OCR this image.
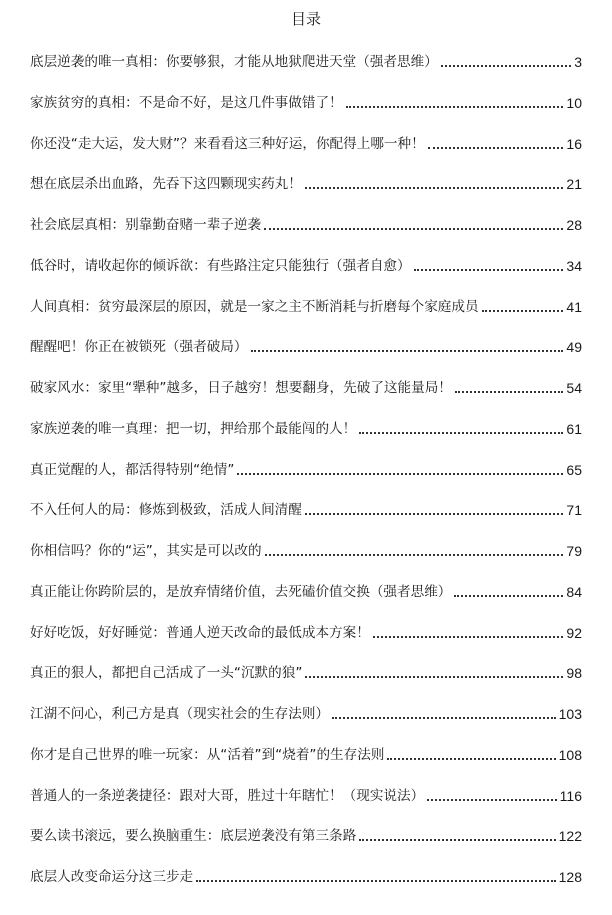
目录
底层逆袭的唯一真相：你要够狠，才能从地狱爬进天堂（强者思维）	3
家族贫穷的真相：不是命不好，是这几件事做错了！	10
你还没“走大运，发大财”？来看看这三种好运，你配得上哪一种！	16
想在底层杀出血路，先吞下这四颗现实药丸！	21
社会底层真相：别靠勤奋赌一辈子逆袭	28
低谷时，请收起你的倾诉欲：有些路注定只能独行（强者自愈）	34
人间真相：贫穷最深层的原因，就是一家之主不断消耗与折磨每个家庭成员	41
醒醒吧！你正在被锁死（强者破局）	49
破家风水：家里“犟种”越多，日子越穷！想要翻身，先破了这能量局！	54
家族逆袭的唯一真理：把一切，押给那个最能闯的人！	61
真正觉醒的人，都活得特别“绝情”	65
不入任何人的局：修炼到极致，活成人间清醒	71
你相信吗？你的“运”，其实是可以改的	79
真正能让你跨阶层的，是放弃情绪价值，去死磕价值交换（强者思维）	84
好好吃饭，好好睡觉：普通人逆天改命的最低成本方案！	92
真正的狠人，都把自己活成了一头“沉默的狼”	98
江湖不问心，利己方是真（现实社会的生存法则）	103
你才是自己世界的唯一玩家：从“活着”到“烧着”的生存法则	108
普通人的一条逆袭捷径：跟对大哥，胜过十年瞎忙！（现实说法）	116
要么读书滚远，要么换脑重生：底层逆袭没有第三条路	122
底层人改变命运分这三步走	128
